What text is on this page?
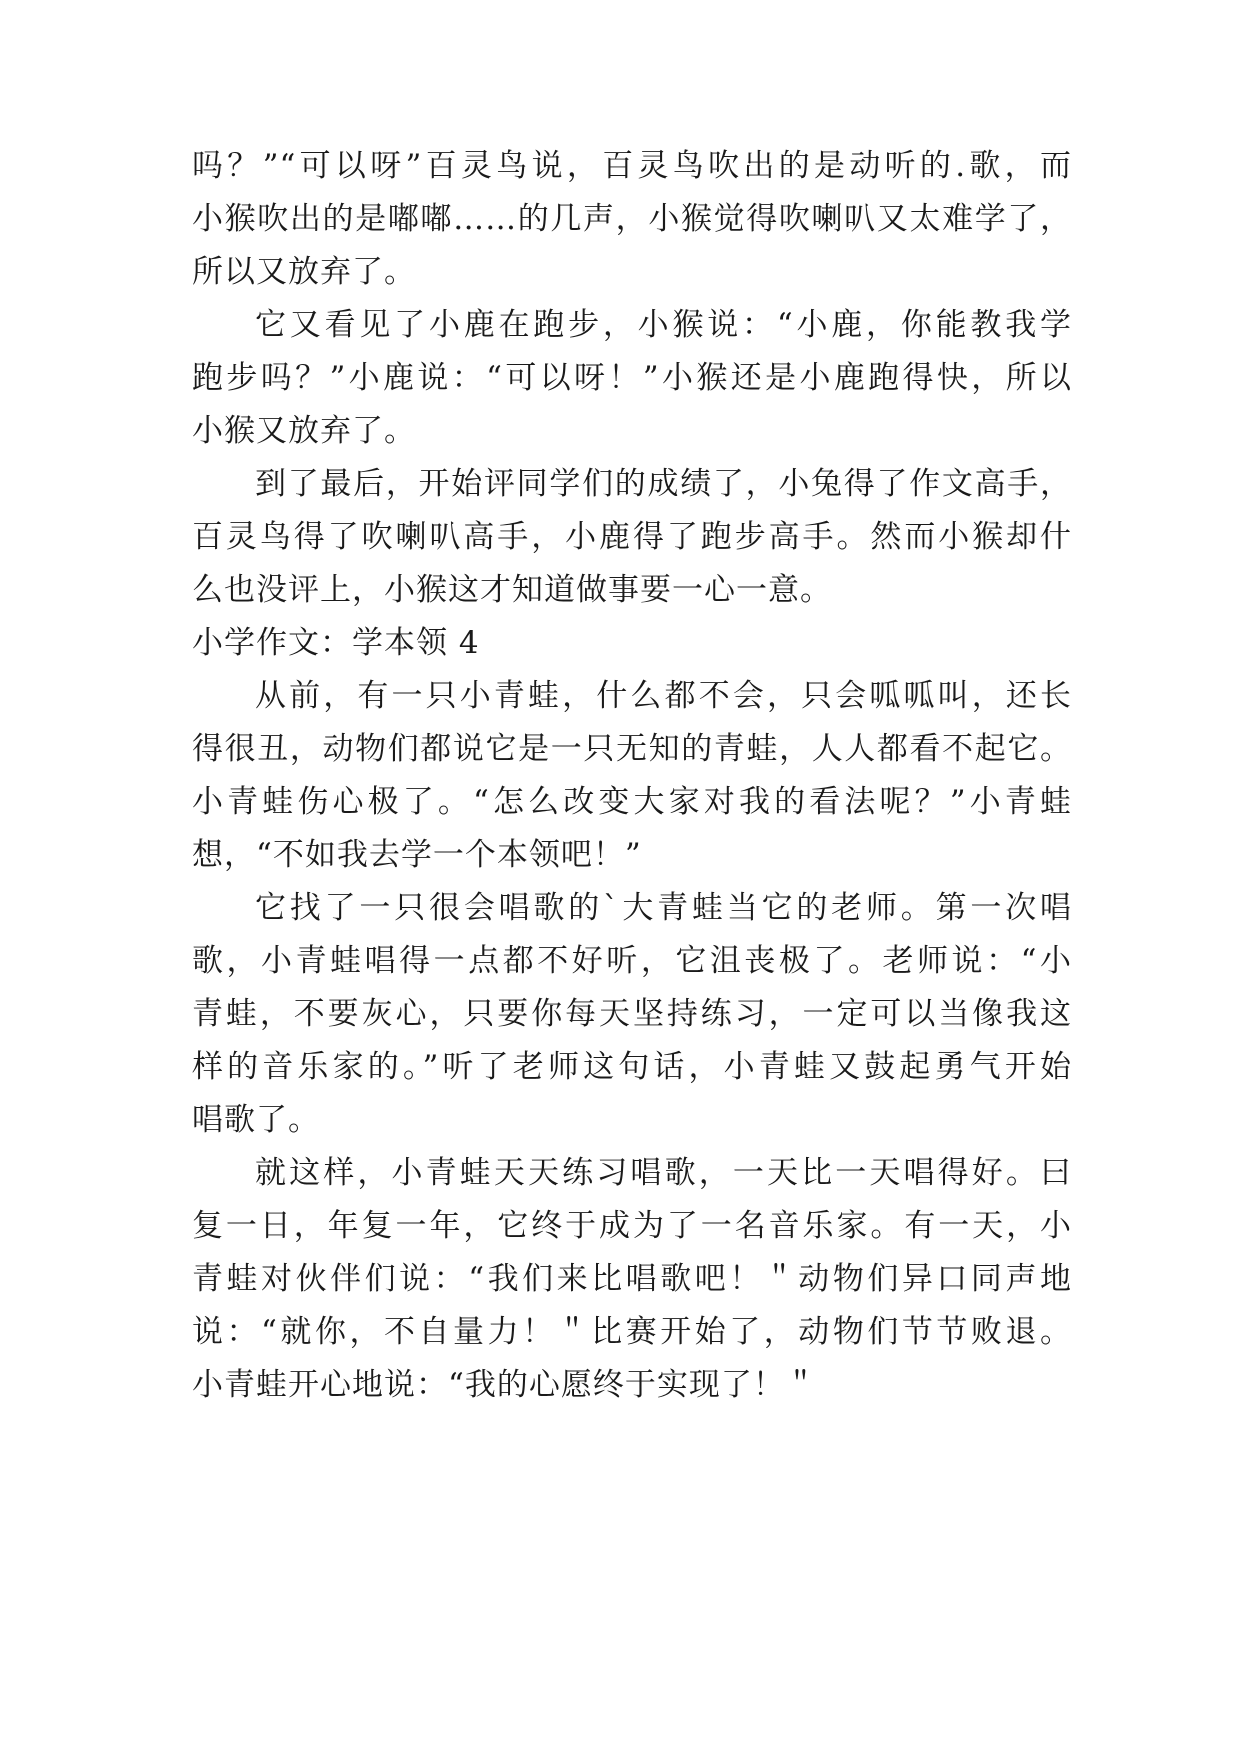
吗？”“可以呀”百灵鸟说，百灵鸟吹出的是动听的.歌，而
小猴吹出的是嘟嘟……的几声，小猴觉得吹喇叭又太难学了，
所以又放弃了。
它又看见了小鹿在跑步，小猴说：“小鹿，你能教我学
跑步吗？”小鹿说：“可以呀！”小猴还是小鹿跑得快，所以
小猴又放弃了。
到了最后，开始评同学们的成绩了，小兔得了作文高手，
百灵鸟得了吹喇叭高手，小鹿得了跑步高手。然而小猴却什
么也没评上，小猴这才知道做事要一心一意。
小学作文：学本领 4
从前，有一只小青蛙，什么都不会，只会呱呱叫，还长
得很丑，动物们都说它是一只无知的青蛙，人人都看不起它。
小青蛙伤心极了。“怎么改变大家对我的看法呢？”小青蛙
想，“不如我去学一个本领吧！”
它找了一只很会唱歌的`大青蛙当它的老师。第一次唱
歌，小青蛙唱得一点都不好听，它沮丧极了。老师说：“小
青蛙，不要灰心，只要你每天坚持练习，一定可以当像我这
样的音乐家的。”听了老师这句话，小青蛙又鼓起勇气开始
唱歌了。
就这样，小青蛙天天练习唱歌，一天比一天唱得好。曰
复一日，年复一年，它终于成为了一名音乐家。有一天，小
青蛙对伙伴们说：“我们来比唱歌吧！＂动物们异口同声地
说：“就你，不自量力！＂比赛开始了，动物们节节败退。
小青蛙开心地说：“我的心愿终于实现了！＂
